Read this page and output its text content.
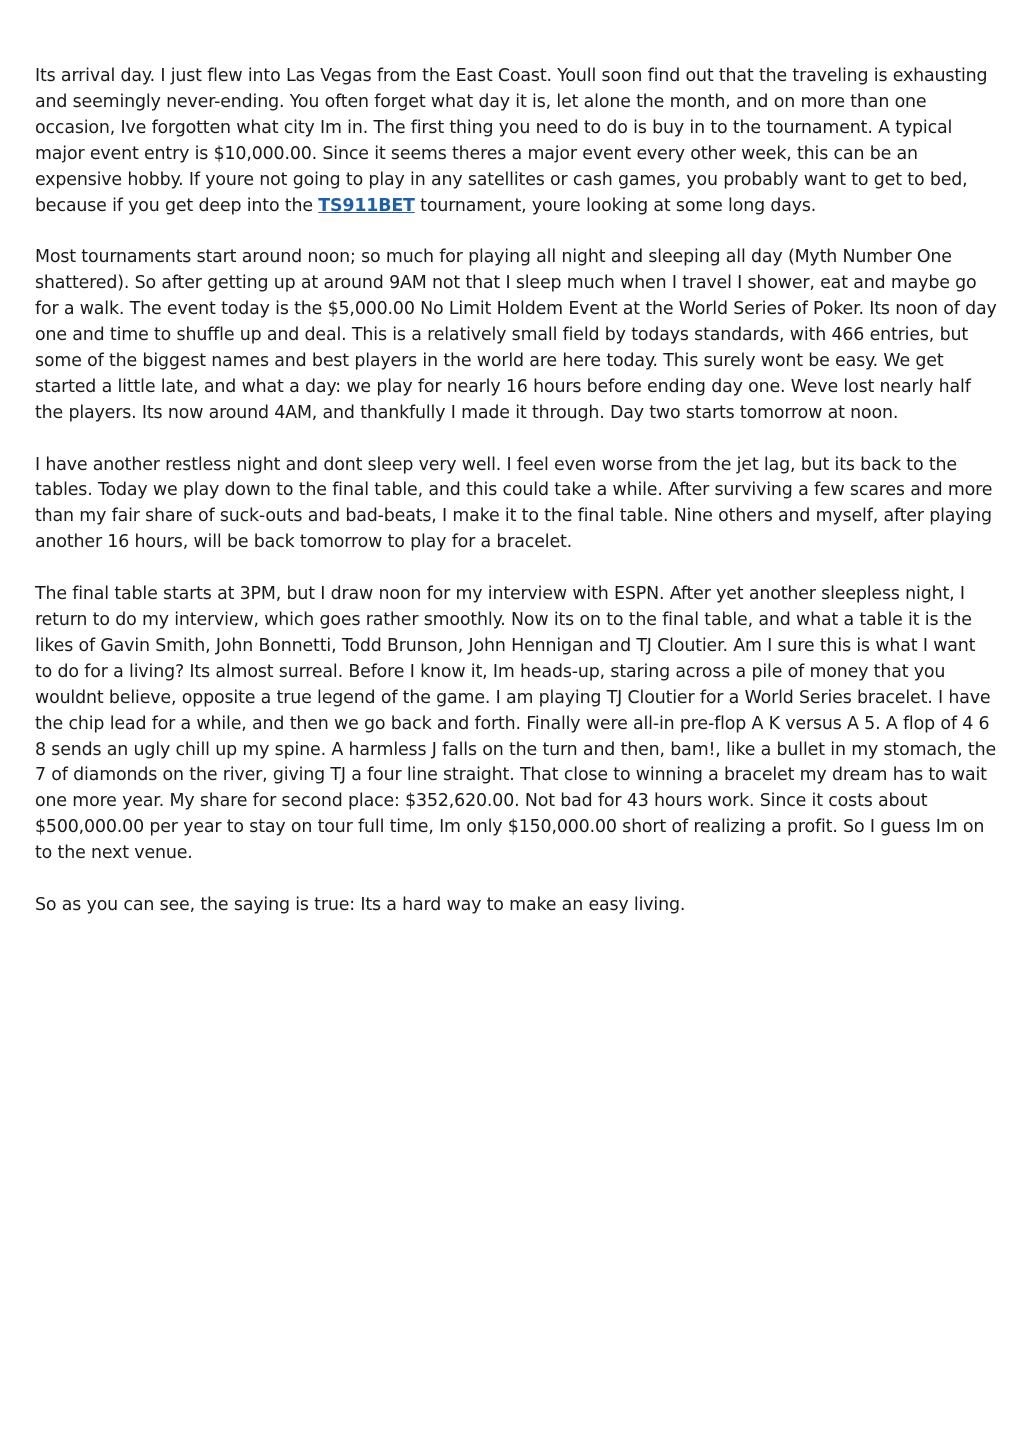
Its arrival day. I just flew into Las Vegas from the East Coast. Youll soon find out that the traveling is exhausting and seemingly never-ending. You often forget what day it is, let alone the month, and on more than one occasion, Ive forgotten what city Im in. The first thing you need to do is buy in to the tournament. A typical major event entry is $10,000.00. Since it seems theres a major event every other week, this can be an expensive hobby. If youre not going to play in any satellites or cash games, you probably want to get to bed, because if you get deep into the TS911BET tournament, youre looking at some long days.

Most tournaments start around noon; so much for playing all night and sleeping all day (Myth Number One shattered). So after getting up at around 9AM not that I sleep much when I travel I shower, eat and maybe go for a walk. The event today is the $5,000.00 No Limit Holdem Event at the World Series of Poker. Its noon of day one and time to shuffle up and deal. This is a relatively small field by todays standards, with 466 entries, but some of the biggest names and best players in the world are here today. This surely wont be easy. We get started a little late, and what a day: we play for nearly 16 hours before ending day one. Weve lost nearly half the players. Its now around 4AM, and thankfully I made it through. Day two starts tomorrow at noon.

I have another restless night and dont sleep very well. I feel even worse from the jet lag, but its back to the tables. Today we play down to the final table, and this could take a while. After surviving a few scares and more than my fair share of suck-outs and bad-beats, I make it to the final table. Nine others and myself, after playing another 16 hours, will be back tomorrow to play for a bracelet.

The final table starts at 3PM, but I draw noon for my interview with ESPN. After yet another sleepless night, I return to do my interview, which goes rather smoothly. Now its on to the final table, and what a table it is the likes of Gavin Smith, John Bonnetti, Todd Brunson, John Hennigan and TJ Cloutier. Am I sure this is what I want to do for a living? Its almost surreal. Before I know it, Im heads-up, staring across a pile of money that you wouldnt believe, opposite a true legend of the game. I am playing TJ Cloutier for a World Series bracelet. I have the chip lead for a while, and then we go back and forth. Finally were all-in pre-flop A K versus A 5. A flop of 4 6 8 sends an ugly chill up my spine. A harmless J falls on the turn and then, bam!, like a bullet in my stomach, the 7 of diamonds on the river, giving TJ a four line straight. That close to winning a bracelet my dream has to wait one more year. My share for second place: $352,620.00. Not bad for 43 hours work. Since it costs about $500,000.00 per year to stay on tour full time, Im only $150,000.00 short of realizing a profit. So I guess Im on to the next venue.

So as you can see, the saying is true: Its a hard way to make an easy living.
